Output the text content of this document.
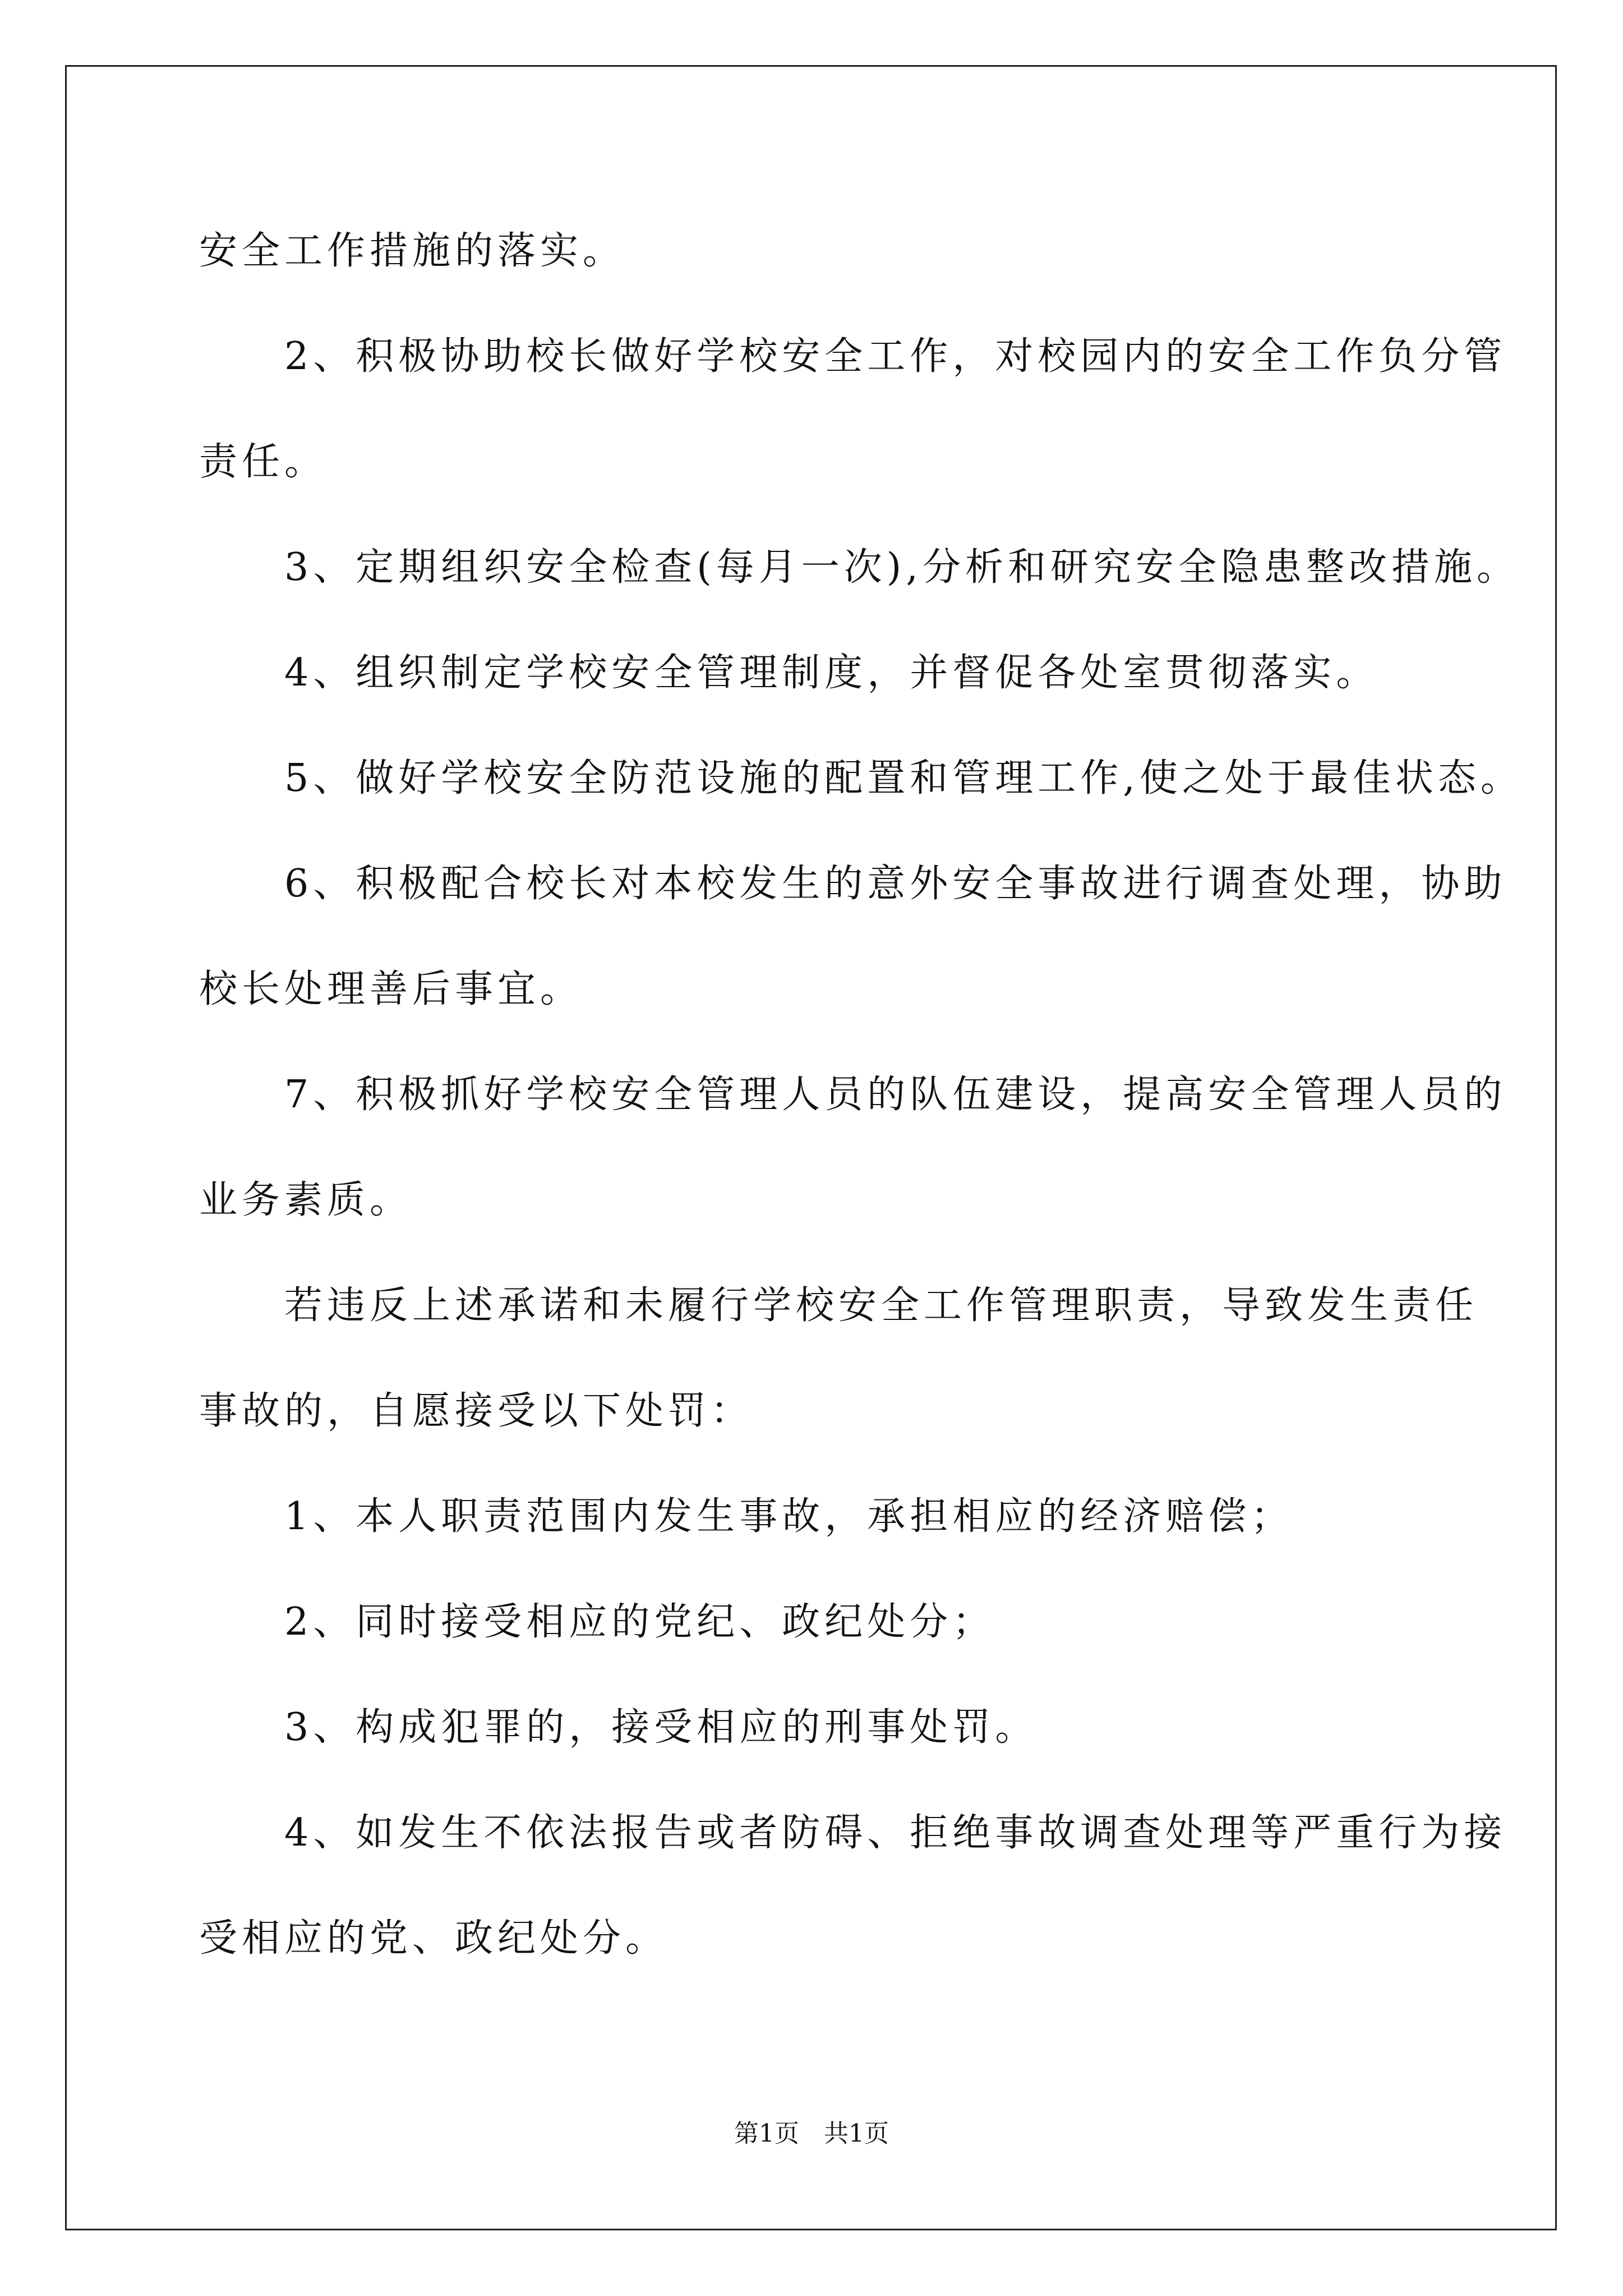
安全工作措施的落实。
　　2、积极协助校长做好学校安全工作，对校园内的安全工作负分管
责任。
　　3、定期组织安全检查(每月一次),分析和研究安全隐患整改措施。
　　4、组织制定学校安全管理制度，并督促各处室贯彻落实。
　　5、做好学校安全防范设施的配置和管理工作,使之处于最佳状态。
　　6、积极配合校长对本校发生的意外安全事故进行调查处理，协助
校长处理善后事宜。
　　7、积极抓好学校安全管理人员的队伍建设，提高安全管理人员的
业务素质。
　　若违反上述承诺和未履行学校安全工作管理职责，导致发生责任
事故的，自愿接受以下处罚：
　　1、本人职责范围内发生事故，承担相应的经济赔偿；
　　2、同时接受相应的党纪、政纪处分；
　　3、构成犯罪的，接受相应的刑事处罚。
　　4、如发生不依法报告或者防碍、拒绝事故调查处理等严重行为接
受相应的党、政纪处分。
第1页　共1页
